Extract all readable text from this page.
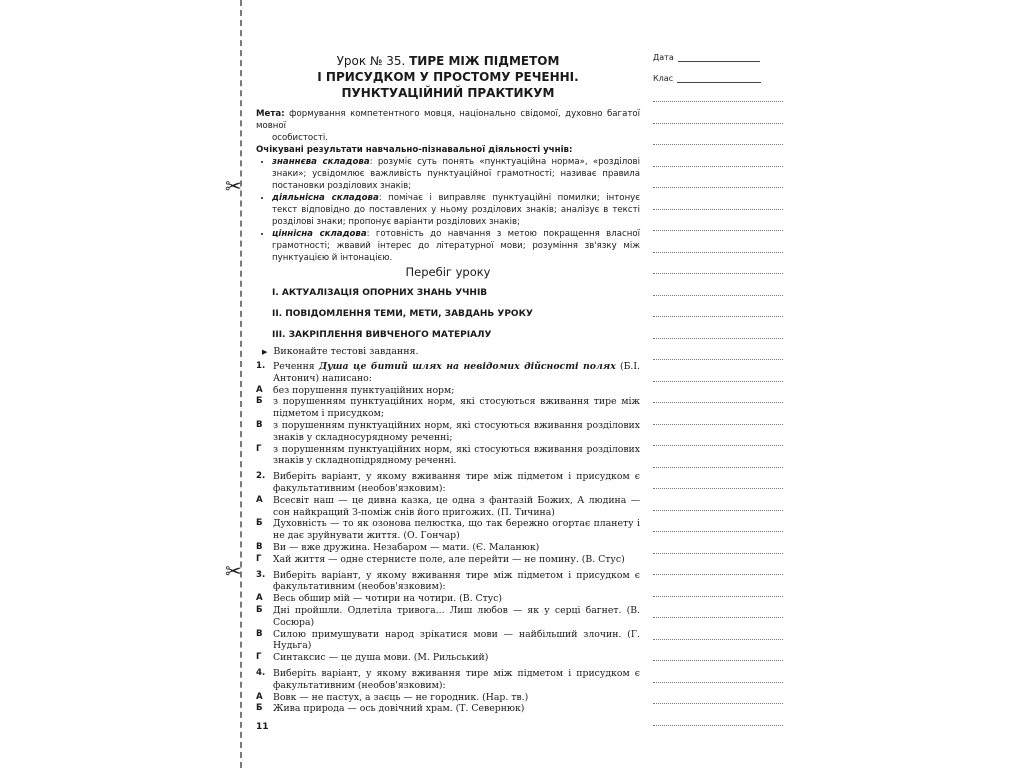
✂
✂
Урок № 35. ТИРЕ МІЖ ПІДМЕТОМ
І ПРИСУДКОМ У ПРОСТОМУ РЕЧЕННІ.
ПУНКТУАЦІЙНИЙ ПРАКТИКУМ

Мета: формування компетентного мовця, національно свідомої, духовно багатої мовної

особистості.

Очікувані результати навчально-пізнавальної діяльності учнів:

• знаннєва складова: розуміє суть понять «пунктуаційна норма», «розділові знаки»; усвідомлює важливість пунктуаційної грамотності; називає правила постановки розділових знаків;
• діяльнісна складова: помічає і виправляє пунктуаційні помилки; інтонує текст відповідно до поставлених у ньому розділових знаків; аналізує в тексті розділові знаки; пропонує варіанти розділових знаків;
• ціннісна складова: готовність до навчання з метою покращення власної грамотності; жвавий інтерес до літературної мови; розуміння зв'язку між пунктуацією й інтонацією.
Перебіг уроку
I. АКТУАЛІЗАЦІЯ ОПОРНИХ ЗНАНЬ УЧНІВ
II. ПОВІДОМЛЕННЯ ТЕМИ, МЕТИ, ЗАВДАНЬ УРОКУ
III. ЗАКРІПЛЕННЯ ВИВЧЕНОГО МАТЕРІАЛУ
▶ Виконайте тестові завдання.
1. Речення Душа це битий шлях на невідомих дійсності полях (Б.І. Антонич) написано:
А без порушення пунктуаційних норм;
Б з порушенням пунктуаційних норм, які стосуються вживання тире між підметом і присудком;
В з порушенням пунктуаційних норм, які стосуються вживання розділових знаків у складносурядному реченні;
Г з порушенням пунктуаційних норм, які стосуються вживання розділових знаків у складнопідрядному реченні.
2. Виберіть варіант, у якому вживання тире між підметом і присудком є факультативним (необов'язковим):
А Всесвіт наш — це дивна казка, це одна з фантазій Божих, А людина — сон найкращий З-поміж снів його пригожих. (П. Тичина)
Б Духовність — то як озонова пелюстка, що так бережно огортає планету і не дає зруйнувати життя. (О. Гончар)
В Ви — вже дружина. Незабаром — мати. (Є. Маланюк)
Г Хай життя — одне стернисте поле, але перейти — не помину. (В. Стус)
3. Виберіть варіант, у якому вживання тире між підметом і присудком є факультативним (необов'язковим):
А Весь обшир мій — чотири на чотири. (В. Стус)
Б Дні пройшли. Одлетіла тривога... Лиш любов — як у серці багнет. (В. Сосюра)
В Силою примушувати народ зрікатися мови — найбільший злочин. (Г. Нудьга)
Г Синтаксис — це душа мови. (М. Рильський)
4. Виберіть варіант, у якому вживання тире між підметом і присудком є факультативним (необов'язковим):
А Вовк — не пастух, а заєць — не городник. (Нар. тв.)
Б Жива природа — ось довічний храм. (Т. Севернюк)
11
Дата
Клас
